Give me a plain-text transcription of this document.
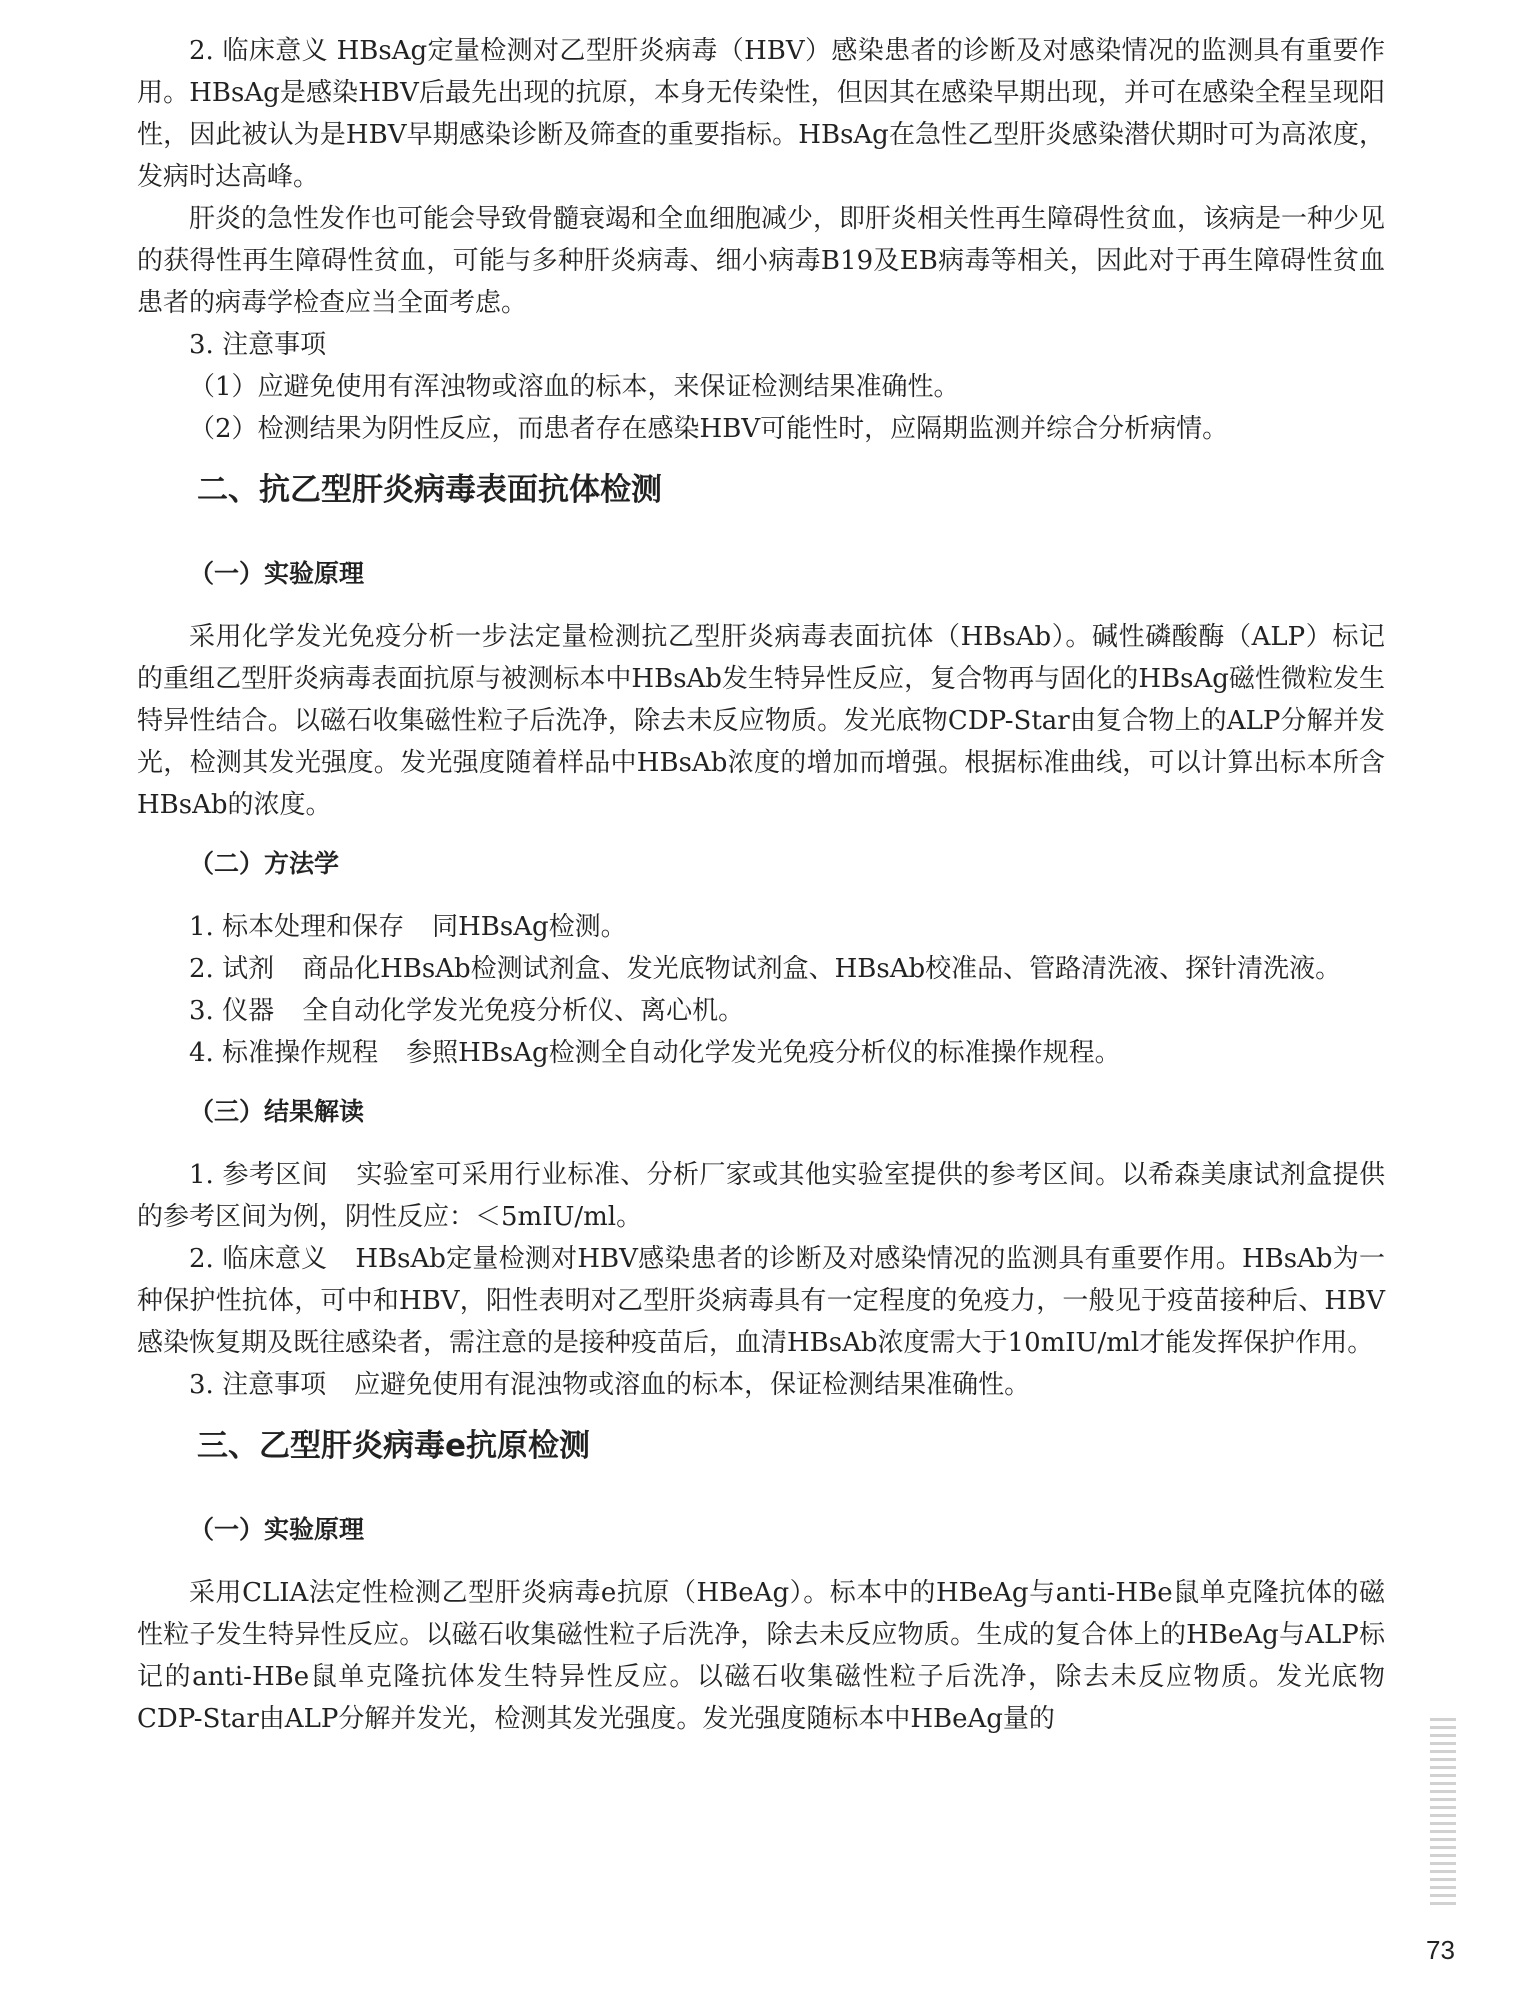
2. 临床意义 HBsAg定量检测对乙型肝炎病毒（HBV）感染患者的诊断及对感染情况的监测具有重要作用。HBsAg是感染HBV后最先出现的抗原，本身无传染性，但因其在感染早期出现，并可在感染全程呈现阳性，因此被认为是HBV早期感染诊断及筛查的重要指标。HBsAg在急性乙型肝炎感染潜伏期时可为高浓度，发病时达高峰。

肝炎的急性发作也可能会导致骨髓衰竭和全血细胞减少，即肝炎相关性再生障碍性贫血，该病是一种少见的获得性再生障碍性贫血，可能与多种肝炎病毒、细小病毒B19及EB病毒等相关，因此对于再生障碍性贫血患者的病毒学检查应当全面考虑。

3. 注意事项

（1）应避免使用有浑浊物或溶血的标本，来保证检测结果准确性。

（2）检测结果为阴性反应，而患者存在感染HBV可能性时，应隔期监测并综合分析病情。

二、抗乙型肝炎病毒表面抗体检测
（一）实验原理

采用化学发光免疫分析一步法定量检测抗乙型肝炎病毒表面抗体（HBsAb）。碱性磷酸酶（ALP）标记的重组乙型肝炎病毒表面抗原与被测标本中HBsAb发生特异性反应，复合物再与固化的HBsAg磁性微粒发生特异性结合。以磁石收集磁性粒子后洗净，除去未反应物质。发光底物CDP-Star由复合物上的ALP分解并发光，检测其发光强度。发光强度随着样品中HBsAb浓度的增加而增强。根据标准曲线，可以计算出标本所含HBsAb的浓度。

（二）方法学

1. 标本处理和保存 同HBsAg检测。

2. 试剂 商品化HBsAb检测试剂盒、发光底物试剂盒、HBsAb校准品、管路清洗液、探针清洗液。

3. 仪器 全自动化学发光免疫分析仪、离心机。

4. 标准操作规程 参照HBsAg检测全自动化学发光免疫分析仪的标准操作规程。

（三）结果解读

1. 参考区间 实验室可采用行业标准、分析厂家或其他实验室提供的参考区间。以希森美康试剂盒提供的参考区间为例，阴性反应：＜5mIU/ml。

2. 临床意义 HBsAb定量检测对HBV感染患者的诊断及对感染情况的监测具有重要作用。HBsAb为一种保护性抗体，可中和HBV，阳性表明对乙型肝炎病毒具有一定程度的免疫力，一般见于疫苗接种后、HBV感染恢复期及既往感染者，需注意的是接种疫苗后，血清HBsAb浓度需大于10mIU/ml才能发挥保护作用。

3. 注意事项 应避免使用有混浊物或溶血的标本，保证检测结果准确性。

三、乙型肝炎病毒e抗原检测
（一）实验原理

采用CLIA法定性检测乙型肝炎病毒e抗原（HBeAg）。标本中的HBeAg与anti-HBe鼠单克隆抗体的磁性粒子发生特异性反应。以磁石收集磁性粒子后洗净，除去未反应物质。生成的复合体上的HBeAg与ALP标记的anti-HBe鼠单克隆抗体发生特异性反应。以磁石收集磁性粒子后洗净，除去未反应物质。发光底物CDP-Star由ALP分解并发光，检测其发光强度。发光强度随标本中HBeAg量的

73
